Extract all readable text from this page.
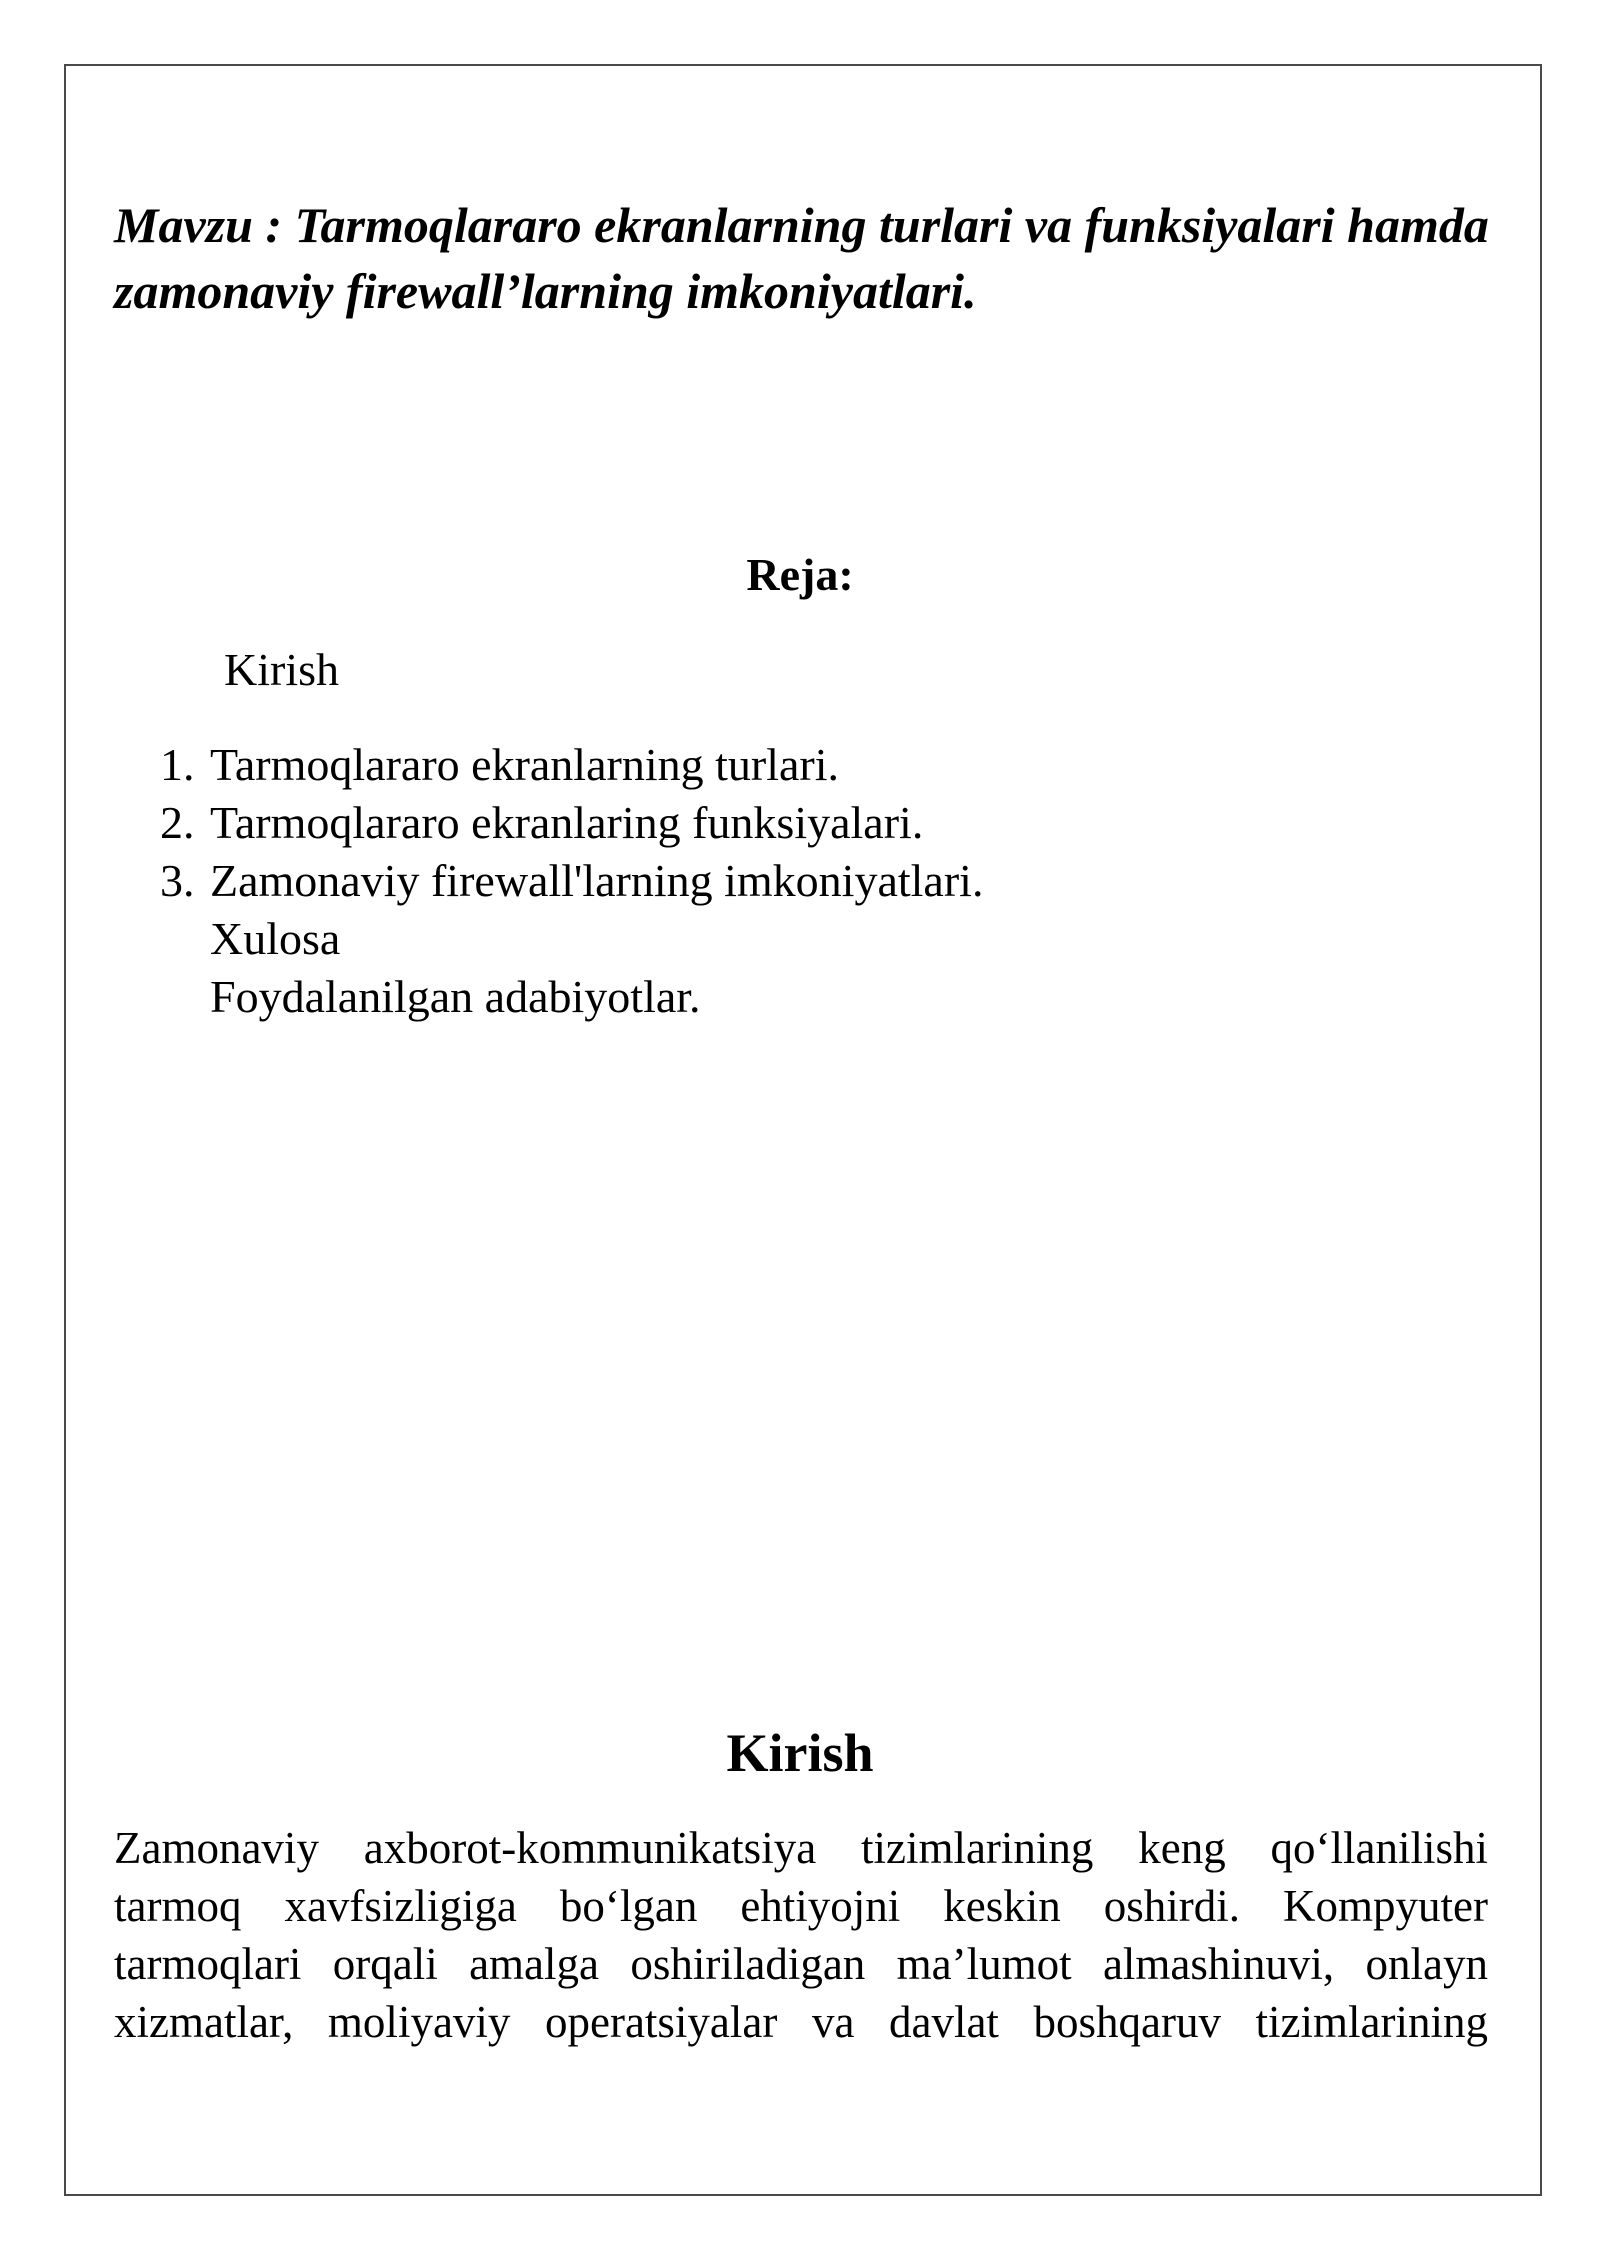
Mavzu : Tarmoqlararo ekranlarning turlari va funksiyalari hamda zamonaviy firewall’larning imkoniyatlari.
Reja:

Kirish

1. Tarmoqlararo ekranlarning turlari.
2. Tarmoqlararo ekranlaring funksiyalari.
3. Zamonaviy firewall'larning imkoniyatlari.
Xulosa
Foydalanilgan adabiyotlar.
Kirish

Zamonaviy axborot-kommunikatsiya tizimlarining keng qo‘llanilishi tarmoq xavfsizligiga bo‘lgan ehtiyojni keskin oshirdi. Kompyuter tarmoqlari orqali amalga oshiriladigan ma’lumot almashinuvi, onlayn xizmatlar, moliyaviy operatsiyalar va davlat boshqaruv tizimlarining
